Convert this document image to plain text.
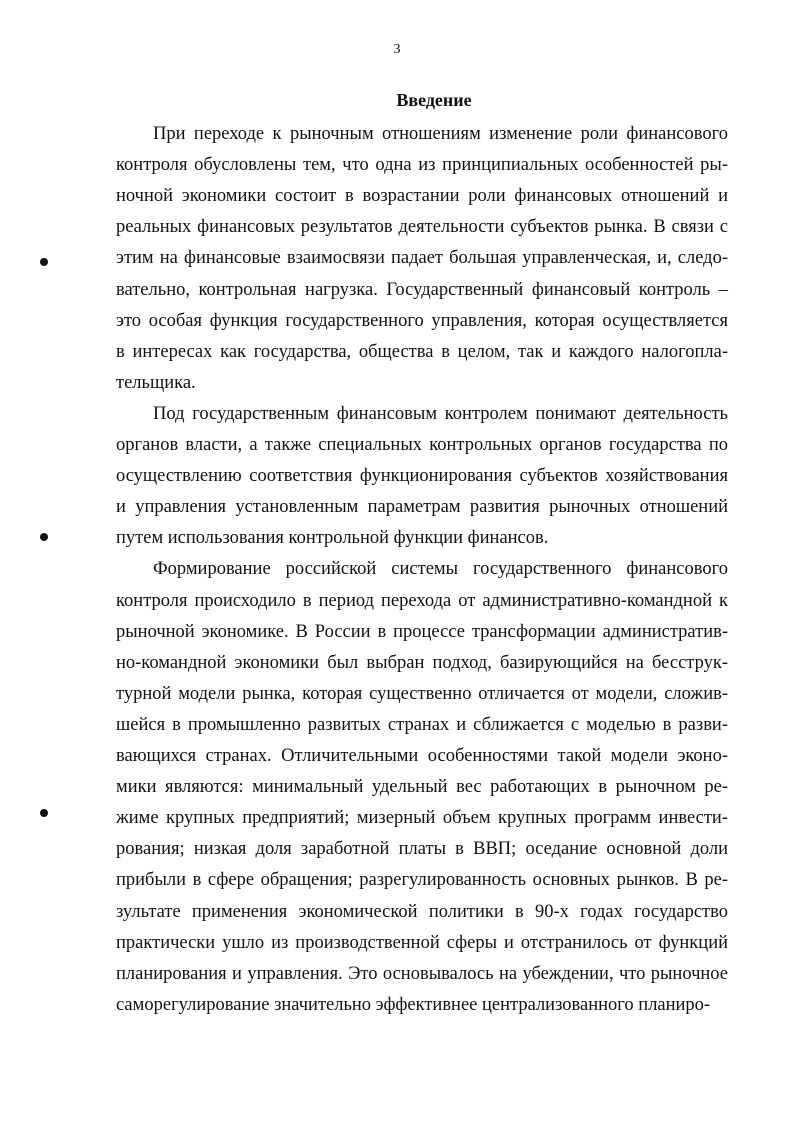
3
Введение
При переходе к рыночным отношениям изменение роли финансового
контроля обусловлены тем, что одна из принципиальных особенностей ры-
ночной экономики состоит в возрастании роли финансовых отношений и
реальных финансовых результатов деятельности субъектов рынка. В связи с
этим на финансовые взаимосвязи падает большая управленческая, и, следо-
вательно, контрольная нагрузка. Государственный финансовый контроль –
это особая функция государственного управления, которая осуществляется
в интересах как государства, общества в целом, так и каждого налогопла-
тельщика.
Под государственным финансовым контролем понимают деятельность
органов власти, а также специальных контрольных органов государства по
осуществлению соответствия функционирования субъектов хозяйствования
и управления установленным параметрам развития рыночных отношений
путем использования контрольной функции финансов.
Формирование российской системы государственного финансового
контроля происходило в период перехода от административно-командной к
рыночной экономике. В России в процессе трансформации административ-
но-командной экономики был выбран подход, базирующийся на бесструк-
турной модели рынка, которая существенно отличается от модели, сложив-
шейся в промышленно развитых странах и сближается с моделью в разви-
вающихся странах. Отличительными особенностями такой модели эконо-
мики являются: минимальный удельный вес работающих в рыночном ре-
жиме крупных предприятий; мизерный объем крупных программ инвести-
рования; низкая доля заработной платы в ВВП; оседание основной доли
прибыли в сфере обращения; разрегулированность основных рынков. В ре-
зультате применения экономической политики в 90-х годах государство
практически ушло из производственной сферы и отстранилось от функций
планирования и управления. Это основывалось на убеждении, что рыночное
саморегулирование значительно эффективнее централизованного планиро-
